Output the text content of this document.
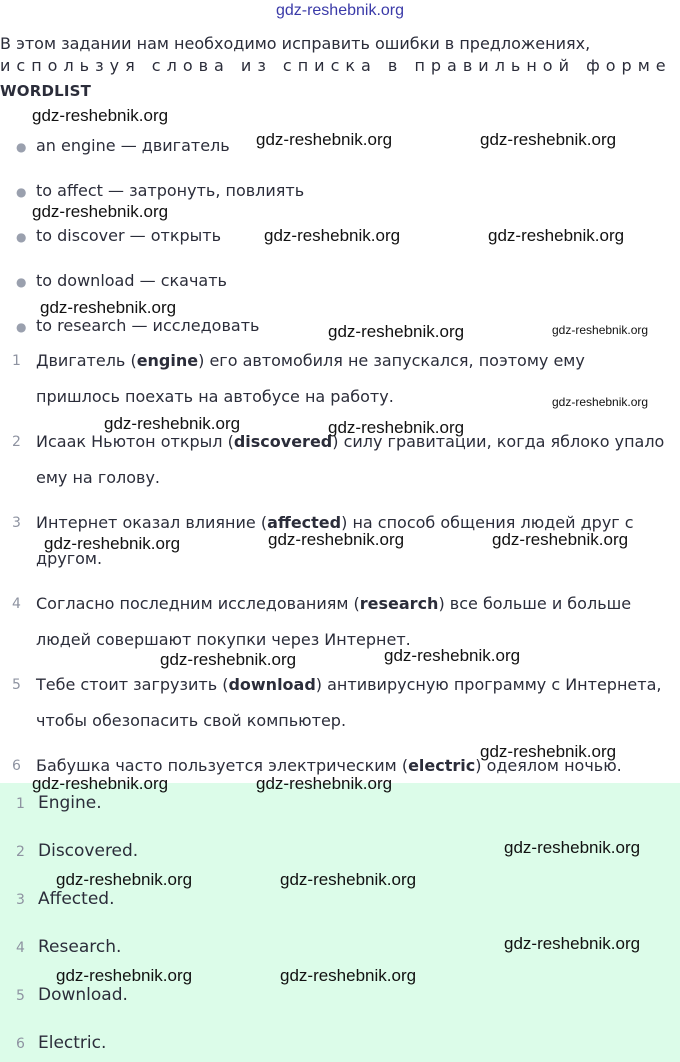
gdz-reshebnik.org
В этом задании нам необходимо исправить ошибки в предложениях,
используя слова из списка в правильной форме
WORDLIST
● an engine — двигатель
● to affect — затронуть, повлиять
● to discover — открыть
● to download — скачать
● to research — исследовать
1 Двигатель (engine) его автомобиля не запускался, поэтому ему пришлось поехать на автобусе на работу.
2 Исаак Ньютон открыл (discovered) силу гравитации, когда яблоко упало ему на голову.
3 Интернет оказал влияние (affected) на способ общения людей друг с другом.
4 Согласно последним исследованиям (research) все больше и больше людей совершают покупки через Интернет.
5 Тебе стоит загрузить (download) антивирусную программу с Интернета, чтобы обезопасить свой компьютер.
6 Бабушка часто пользуется электрическим (electric) одеялом ночью.
1 Engine.
2 Discovered.
3 Affected.
4 Research.
5 Download.
6 Electric.
gdz-reshebnik.org
gdz-reshebnik.org	gdz-reshebnik.org
gdz-reshebnik.org
gdz-reshebnik.org	gdz-reshebnik.org
gdz-reshebnik.org
gdz-reshebnik.org	gdz-reshebnik.org
gdz-reshebnik.org
gdz-reshebnik.org	gdz-reshebnik.org
gdz-reshebnik.org	gdz-reshebnik.org
gdz-reshebnik.org
gdz-reshebnik.org
gdz-reshebnik.org
gdz-reshebnik.org
gdz-reshebnik.org	gdz-reshebnik.org
gdz-reshebnik.org
gdz-reshebnik.org	gdz-reshebnik.org
gdz-reshebnik.org
gdz-reshebnik.org	gdz-reshebnik.org
